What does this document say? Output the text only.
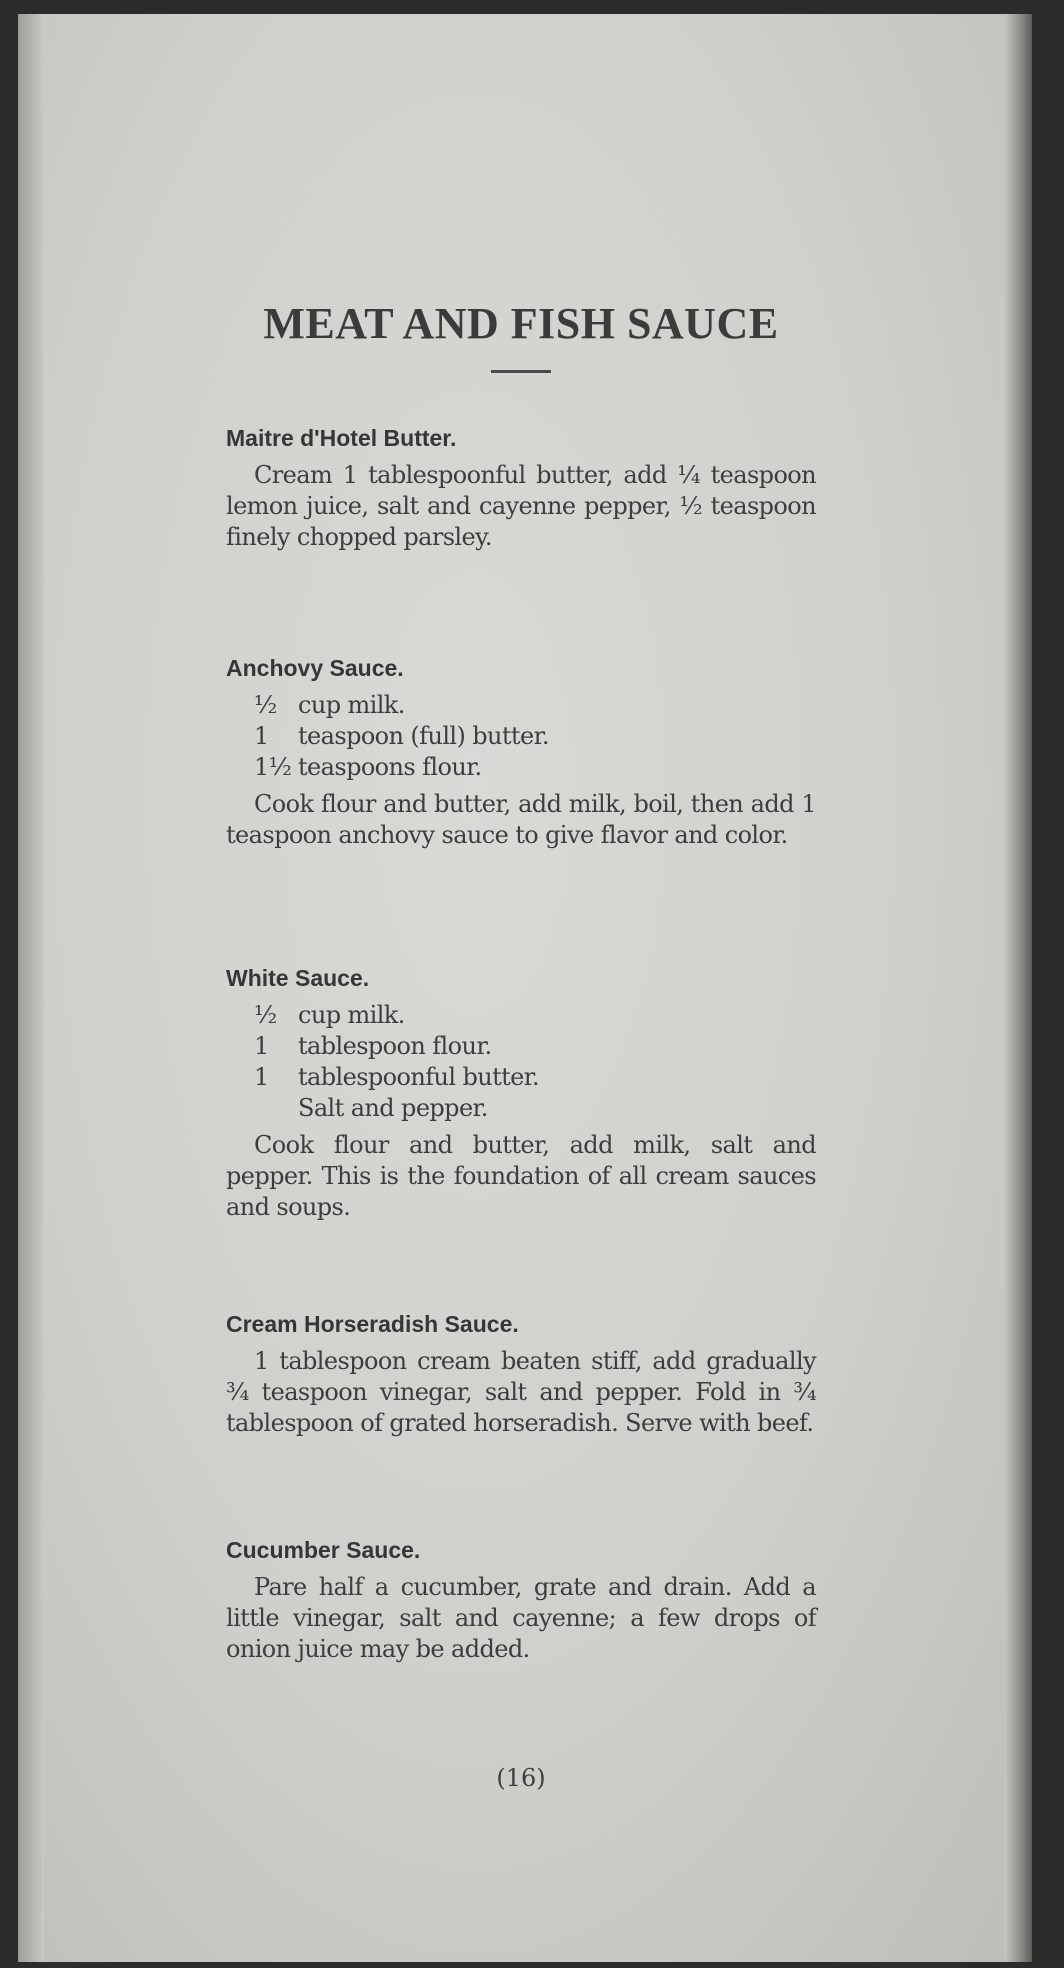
MEAT AND FISH SAUCE
Maitre d'Hotel Butter.

Cream 1 tablespoonful butter, add ¼ teaspoon lemon juice, salt and cayenne pepper, ½ teaspoon finely chopped parsley.

Anchovy Sauce.
½ cup milk.
1 teaspoon (full) butter.
1½ teaspoons flour.

Cook flour and butter, add milk, boil, then add 1 teaspoon anchovy sauce to give flavor and color.

White Sauce.
½ cup milk.
1 tablespoon flour.
1 tablespoonful butter.
Salt and pepper.

Cook flour and butter, add milk, salt and pepper. This is the foundation of all cream sauces and soups.

Cream Horseradish Sauce.

1 tablespoon cream beaten stiff, add gradually ¾ teaspoon vinegar, salt and pepper. Fold in ¾ tablespoon of grated horseradish. Serve with beef.

Cucumber Sauce.

Pare half a cucumber, grate and drain. Add a little vinegar, salt and cayenne; a few drops of onion juice may be added.

(16)
